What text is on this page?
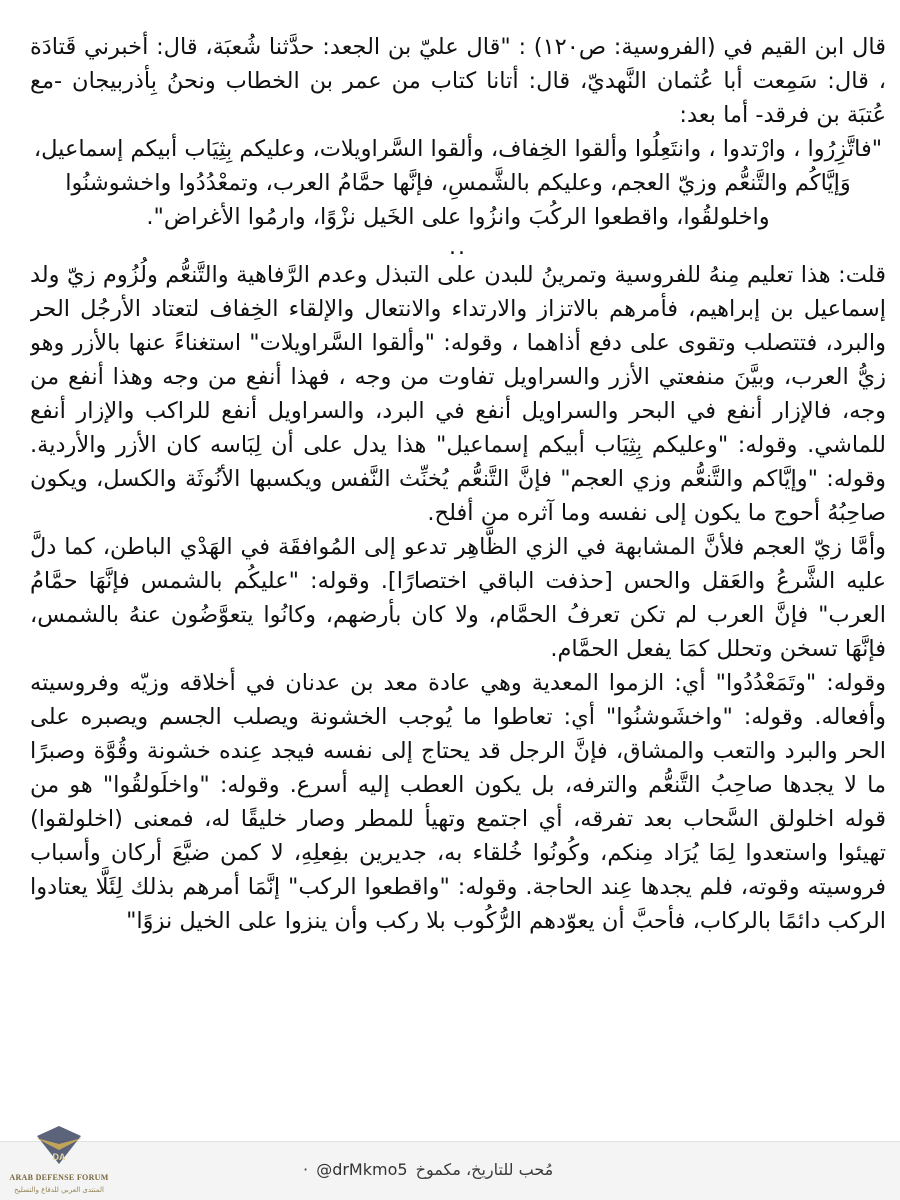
قال ابن القيم في (الفروسية: ص١٢٠) : "قال عليّ بن الجعد: حدَّثنا شُعبَة، قال: أخبرني قَتادَة ، قال: سَمِعت أبا عُثمان النَّهديّ، قال: أتانا كتاب من عمر بن الخطاب ونحنُ بِأذربيجان -مع عُتبَة بن فرقد- أما بعد:

"فاتَّزِرُوا ، وارْتدوا ، وانتَعِلُوا وألقوا الخِفاف، وألقوا السَّراويلات، وعليكم بِثِيَاب أبيكم إسماعيل، وَإيَّاكُم والتَّنعُّم وزيّ العجم، وعليكم بالشَّمسِ، فإنَّها حمَّامُ العرب، وتمعْدُدُوا واخشوشنُوا واخلولقُوا، واقطعوا الركُبَ وانزُوا على الخَيل نزْوًا، وارمُوا الأغراض".

..

قلت: هذا تعليم مِنهُ للفروسية وتمرينُ للبدن على التبذل وعدم الرَّفاهية والتَّنعُّم ولُزُوم زيّ ولد إسماعيل بن إبراهيم، فأمرهم بالاتزاز والارتداء والانتعال والإلقاء الخِفاف لتعتاد الأرجُل الحر والبرد، فتتصلب وتقوى على دفع أذاهما ، وقوله: "وألقوا السَّراويلات" استغناءً عنها بالأزر وهو زيُّ العرب، وبيَّنَ منفعتي الأزر والسراويل تفاوت من وجه ، فهذا أنفع من وجه وهذا أنفع من وجه، فالإزار أنفع في البحر والسراويل أنفع في البرد، والسراويل أنفع للراكب والإزار أنفع للماشي. وقوله: "وعليكم بِثِيَاب أبيكم إسماعيل" هذا يدل على أن لِبَاسه كان الأزر والأردية. وقوله: "وإيَّاكم والتَّنعُّم وزي العجم" فإنَّ التَّنعُّم يُخنِّث النَّفس ويكسبها الأنُوثَة والكسل، ويكون صاحِبُهُ أحوج ما يكون إلى نفسه وما آثره من أفلح.

وأمَّا زيّ العجم فلأنَّ المشابهة في الزي الظَّاهِر تدعو إلى المُوافقَة في الهَدْي الباطن، كما دلَّ عليه الشَّرعُ والعَقل والحس [حذفت الباقي اختصارًا]. وقوله: "عليكُم بالشمس فإنَّهَا حمَّامُ العرب" فإنَّ العرب لم تكن تعرفُ الحمَّام، ولا كان بأرضهم، وكانُوا يتعوَّضُون عنهُ بالشمس، فإنَّهَا تسخن وتحلل كمَا يفعل الحمَّام.

وقوله: "وتَمَعْدُدُوا" أي: الزموا المعدية وهي عادة معد بن عدنان في أخلاقه وزيّه وفروسيته وأفعاله. وقوله: "واخشَوشنُوا" أي: تعاطوا ما يُوجب الخشونة ويصلب الجسم ويصبره على الحر والبرد والتعب والمشاق، فإنَّ الرجل قد يحتاج إلى نفسه فيجد عِنده خشونة وقُوَّة وصبرًا ما لا يجدها صاحِبُ التَّنعُّم والترفه، بل يكون العطب إليه أسرع. وقوله: "واخلَولقُوا" هو من قوله اخلولق السَّحاب بعد تفرقه، أي اجتمع وتهيأ للمطر وصار خليقًا له، فمعنى (اخلولقوا) تهيئوا واستعدوا لِمَا يُرَاد مِنكم، وكُونُوا خُلقاء به، جديرين بفِعلِهِ، لا كمن ضيَّعَ أركان وأسباب فروسيته وقوته، فلم يجدها عِند الحاجة. وقوله: "واقطعوا الركب" إنَّمَا أمرهم بذلك لِئَلَّا يعتادوا الركب دائمًا بالركاب، فأحبَّ أن يعوّدهم الرُّكُوب بلا ركب وأن ينزوا على الخيل نزوًا"

· @drMkmo5 مُحب للتاريخ، مكموخ
DA
ARAB DEFENSE FORUM
المنتدى العربي للدفاع والتسليح
